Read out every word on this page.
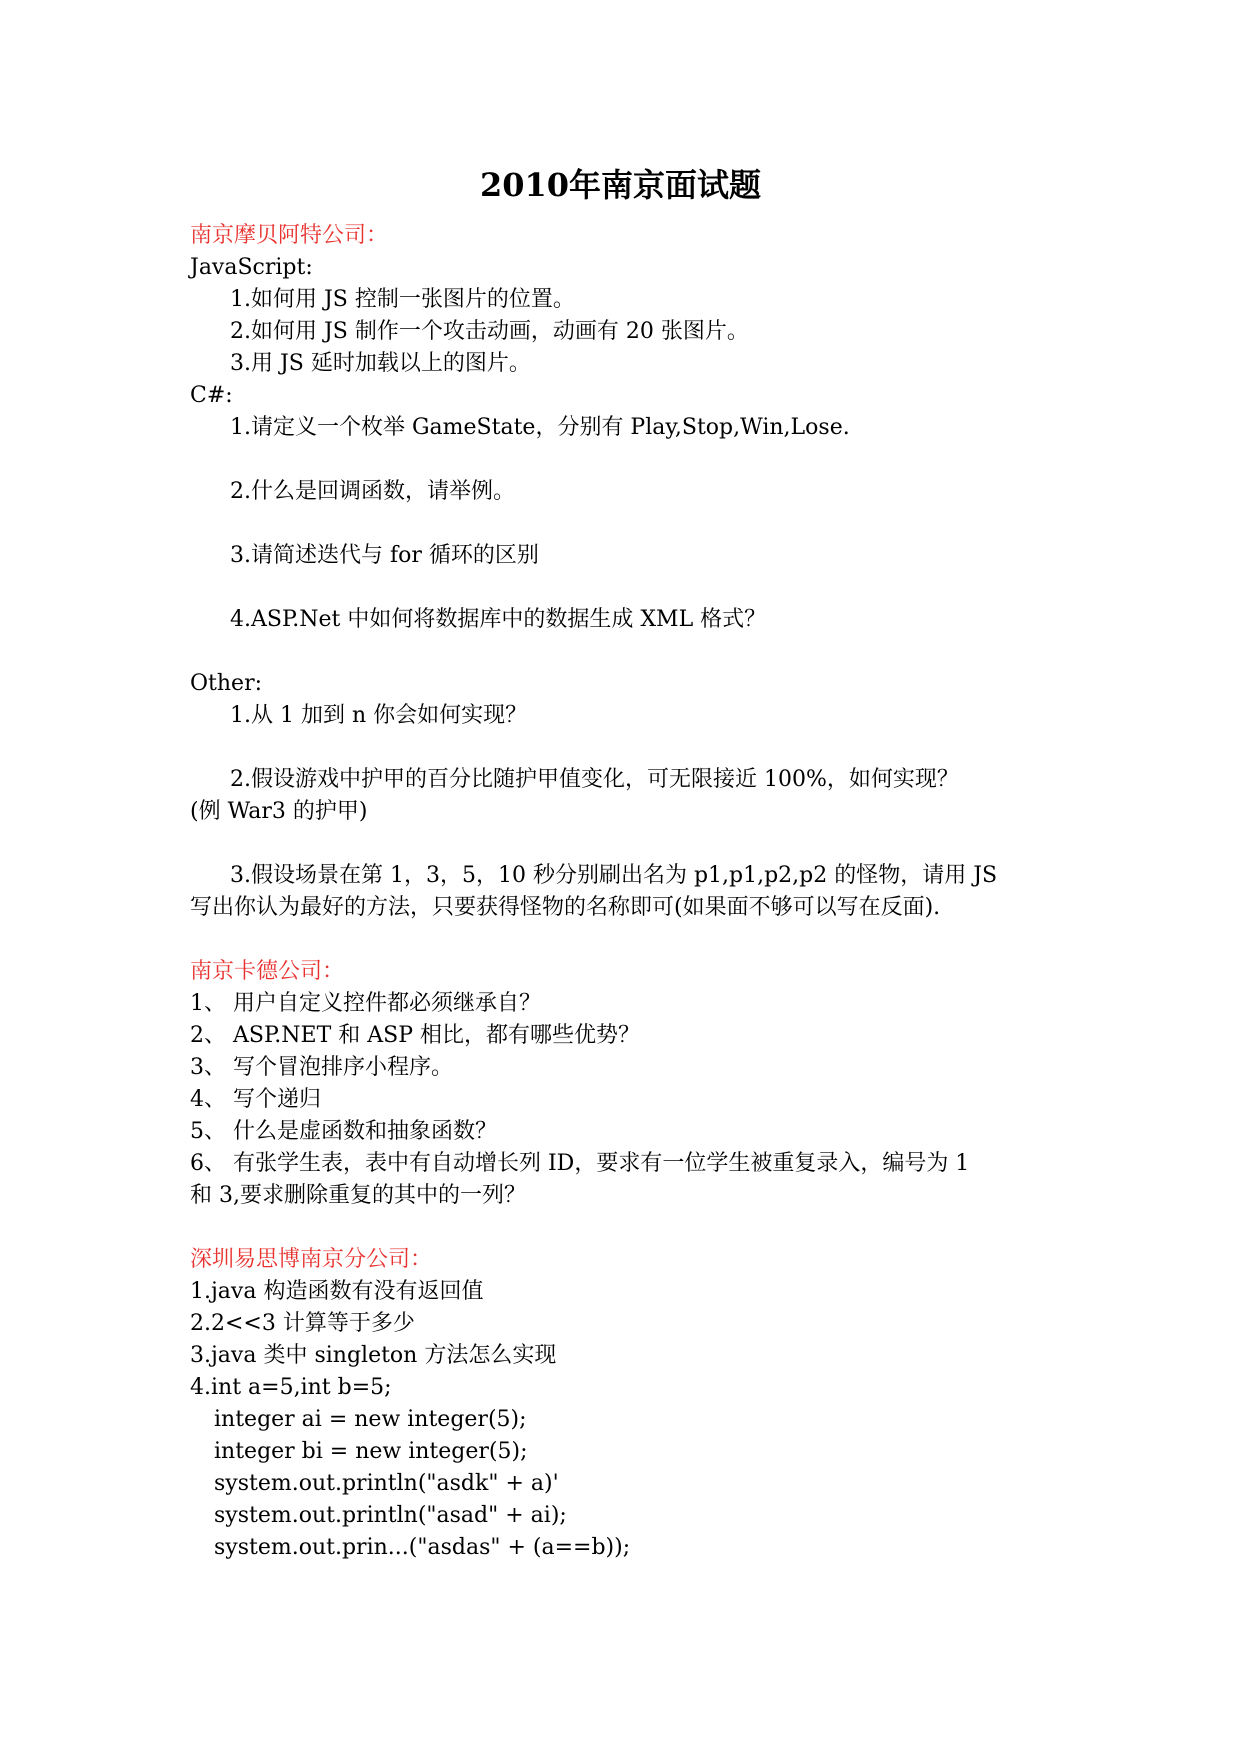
2010年南京面试题
南京摩贝阿特公司：
JavaScript:
1.如何用 JS 控制一张图片的位置。
2.如何用 JS 制作一个攻击动画，动画有 20 张图片。
3.用 JS 延时加载以上的图片。
C#:
1.请定义一个枚举 GameState，分别有 Play,Stop,Win,Lose.
2.什么是回调函数，请举例。
3.请简述迭代与 for 循环的区别
4.ASP.Net 中如何将数据库中的数据生成 XML 格式？
Other:
1.从 1 加到 n 你会如何实现？
2.假设游戏中护甲的百分比随护甲值变化，可无限接近 100%，如何实现？
(例 War3 的护甲)
3.假设场景在第 1，3，5，10 秒分别刷出名为 p1,p1,p2,p2 的怪物，请用 JS
写出你认为最好的方法，只要获得怪物的名称即可(如果面不够可以写在反面).
南京卡德公司：
1、 用户自定义控件都必须继承自？
2、 ASP.NET 和 ASP 相比，都有哪些优势？
3、 写个冒泡排序小程序。
4、 写个递归
5、 什么是虚函数和抽象函数？
6、 有张学生表，表中有自动增长列 ID，要求有一位学生被重复录入，编号为 1
和 3,要求删除重复的其中的一列？
深圳易思博南京分公司：
1.java 构造函数有没有返回值
2.2<<3 计算等于多少
3.java 类中 singleton 方法怎么实现
4.int a=5,int b=5;
integer ai = new integer(5);
integer bi = new integer(5);
system.out.println("asdk" + a)'
system.out.println("asad" + ai);
system.out.prin...("asdas" + (a==b));
